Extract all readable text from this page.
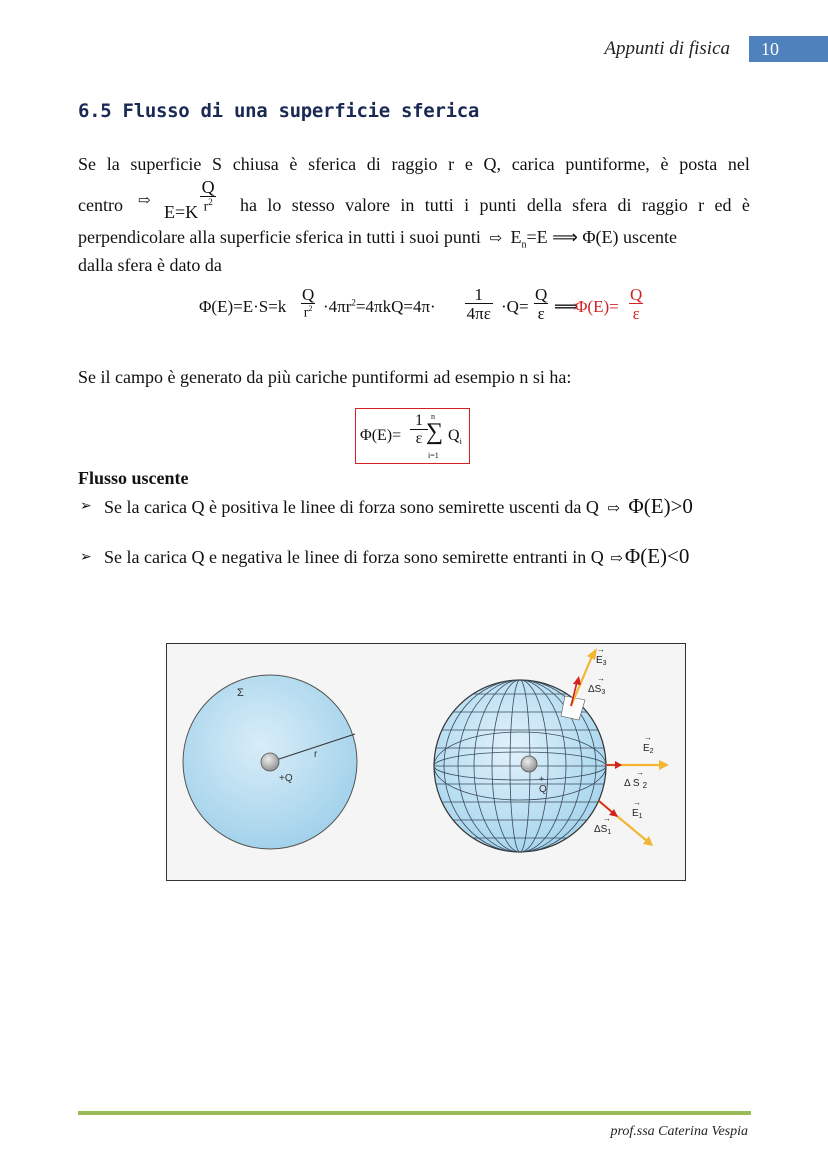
Appunti di fisica	10
6.5 Flusso di una superficie sferica
Se la superficie S chiusa è sferica di raggio r e Q, carica puntiforme, è posta nel
centro ⇨
$E=K \frac{Q}{r^2}$ ha lo stesso valore in tutti i punti della sfera di raggio r ed è
perpendicolare alla superficie sferica in tutti i suoi punti ⇨ $E_n=E$ ⟹ Φ(E) uscente
dalla sfera è dato da
Φ(E)=E·S=k
Q
$r^2 \cdot 4\pi r^2=4\pi kQ=4\pi\cdot \frac{1}{4\pi\varepsilon} \cdot Q= \frac{Q}{\varepsilon}$ ⟹
$\Phi(E)= \frac{Q}{\varepsilon}$
Se il campo è generato da più cariche puntiformi ad esempio n si ha:
$\Phi(E)= \frac{1}{\varepsilon}$ n
∑
i=1
$Q_i$
Flusso uscente
➢ Se la carica Q è positiva le linee di forza sono semirette uscenti da Q ⇨ Φ(E)>0
➢ Se la carica Q e negativa le linee di forza sono semirette entranti in Q ⇨Φ(E)<0
Σ
r
+Q	+
Q
$E_3$
→
$\Delta S_3$
→
$E_2$
→
Δ S $_2$
→
$E_1$
→
$\Delta S_1$
→
prof.ssa Caterina Vespia
